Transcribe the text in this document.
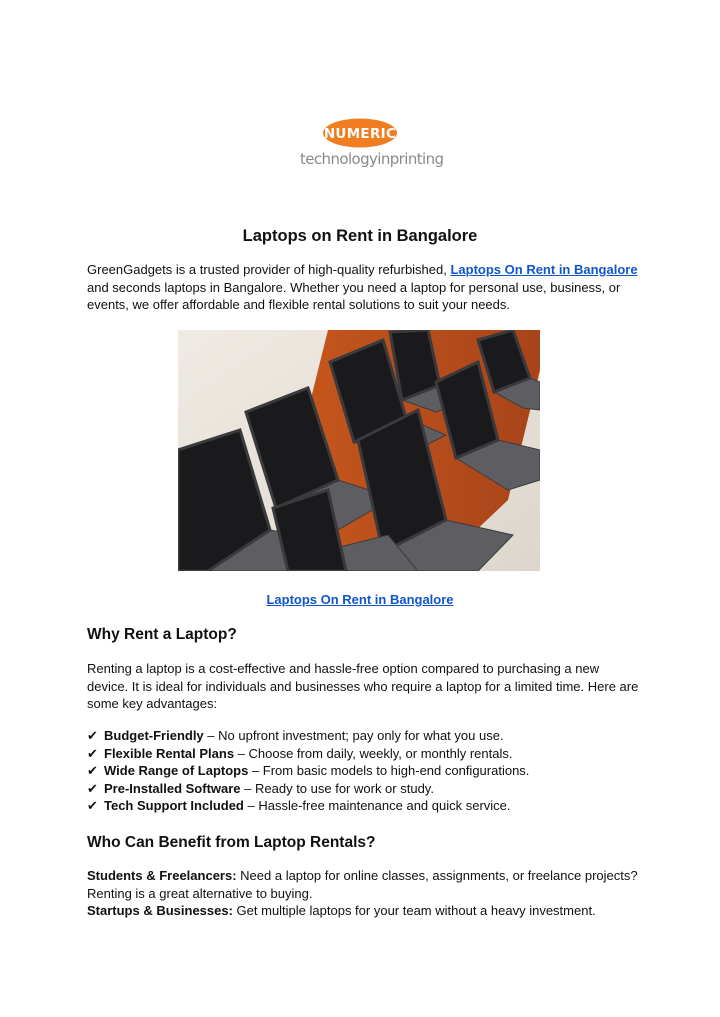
NUMERIC
technologyinprinting
Laptops on Rent in Bangalore

GreenGadgets is a trusted provider of high-quality refurbished, Laptops On Rent in Bangalore and seconds laptops in Bangalore. Whether you need a laptop for personal use, business, or events, we offer affordable and flexible rental solutions to suit your needs.

Laptops On Rent in Bangalore
Why Rent a Laptop?

Renting a laptop is a cost-effective and hassle-free option compared to purchasing a new device. It is ideal for individuals and businesses who require a laptop for a limited time. Here are some key advantages:

✔ Budget-Friendly – No upfront investment; pay only for what you use.
✔ Flexible Rental Plans – Choose from daily, weekly, or monthly rentals.
✔ Wide Range of Laptops – From basic models to high-end configurations.
✔ Pre-Installed Software – Ready to use for work or study.
✔ Tech Support Included – Hassle-free maintenance and quick service.
Who Can Benefit from Laptop Rentals?
Students & Freelancers: Need a laptop for online classes, assignments, or freelance projects? Renting is a great alternative to buying.
Startups & Businesses: Get multiple laptops for your team without a heavy investment.
